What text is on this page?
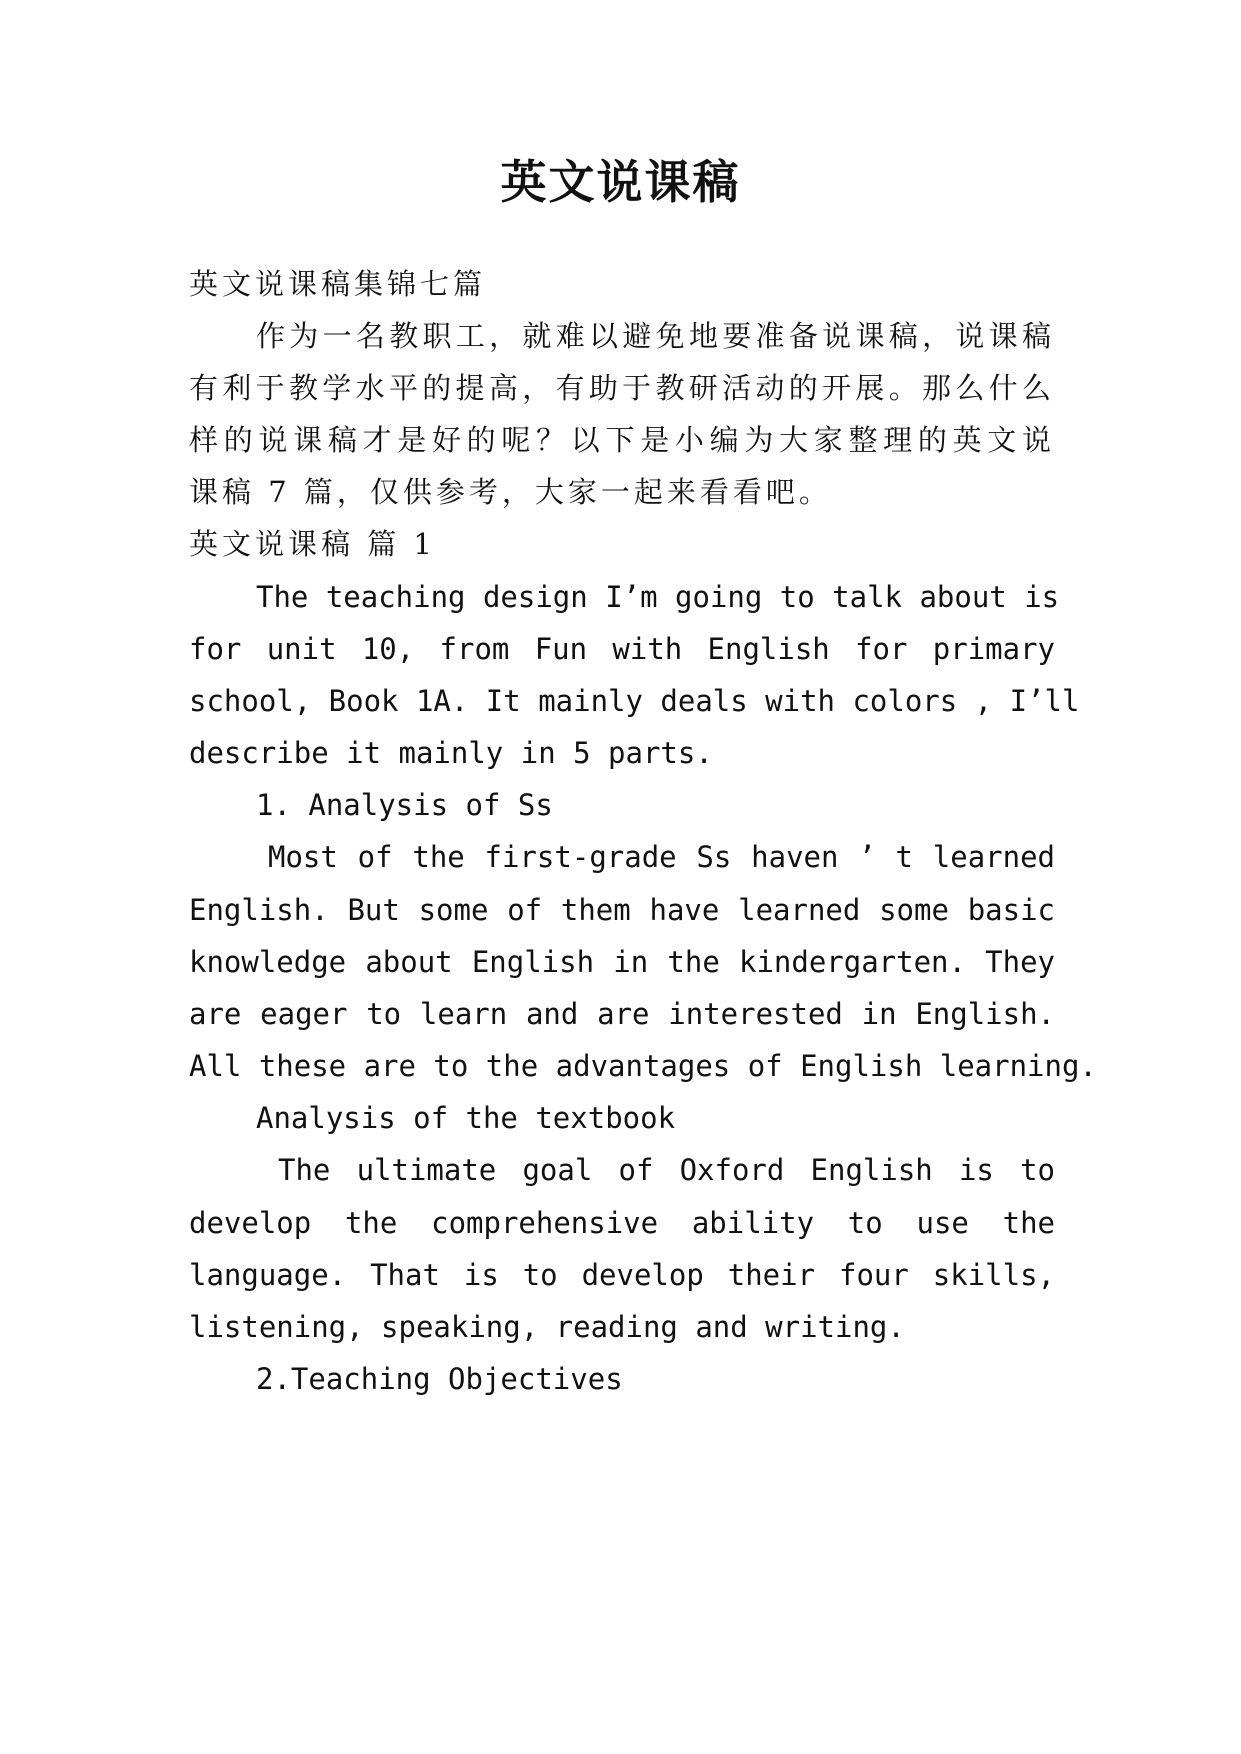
英文说课稿
英文说课稿集锦七篇
作为一名教职工，就难以避免地要准备说课稿，说课稿
有利于教学水平的提高，有助于教研活动的开展。那么什么
样的说课稿才是好的呢？以下是小编为大家整理的英文说
课稿 7 篇，仅供参考，大家一起来看看吧。
英文说课稿 篇 1
The teaching design I’m going to talk about is
for unit 10, from Fun with English for primary
school, Book 1A. It mainly deals with colors , I’ll
describe it mainly in 5 parts.
1. Analysis of Ss
Most of the first-grade Ss haven ’ t learned
English. But some of them have learned some basic
knowledge about English in the kindergarten. They
are eager to learn and are interested in English.
All these are to the advantages of English learning.
Analysis of the textbook
The ultimate goal of Oxford English is to
develop the comprehensive ability to use the
language. That is to develop their four skills,
listening, speaking, reading and writing.
2.Teaching Objectives
